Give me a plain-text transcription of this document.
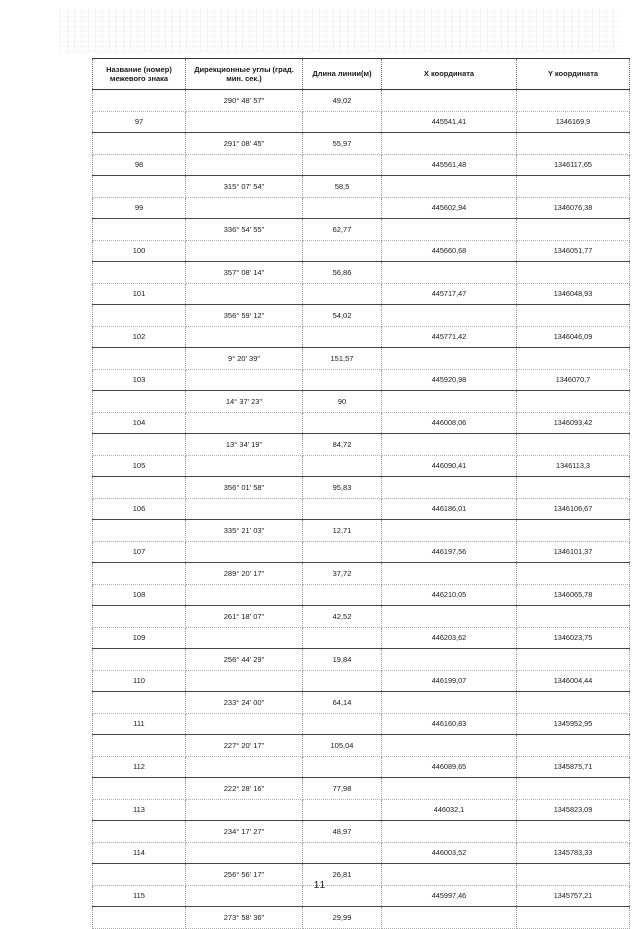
Название (номер) межевого знака	Дирекционные углы (град. мин. сек.)	Длина линии(м)	X координата	Y координата
	290° 48' 57"	49,02		
97			445541,41	1346169,9
	291° 08' 45"	55,97		
98			445561,48	1346117,65
	315° 07' 54"	58,5		
99			445602,94	1346076,38
	336° 54' 55"	62,77		
100			445660,68	1346051,77
	357° 08' 14"	56,86		
101			445717,47	1346048,93
	356° 59' 12"	54,02		
102			445771,42	1346046,09
	9° 20' 39"	151,57		
103			445920,98	1346070,7
	14° 37' 23"	90		
104			446008,06	1346093,42
	13° 34' 19"	84,72		
105			446090,41	1346113,3
	356° 01' 58"	95,83		
106			446186,01	1346106,67
	335° 21' 03"	12,71		
107			446197,56	1346101,37
	289° 20' 17"	37,72		
108			446210,05	1346065,78
	261° 18' 07"	42,52		
109			446203,62	1346023,75
	256° 44' 29"	19,84		
110			446199,07	1346004,44
	233° 24' 00"	64,14		
111			446160,83	1345952,95
	227° 20' 17"	105,04		
112			446089,65	1345875,71
	222° 28' 16"	77,98		
113			446032,1	1345823,09
	234° 17' 27"	48,97		
114			446003,52	1345783,33
	256° 56' 17"	26,81		
115			445997,46	1345757,21
	273° 58' 36"	29,99		
11
